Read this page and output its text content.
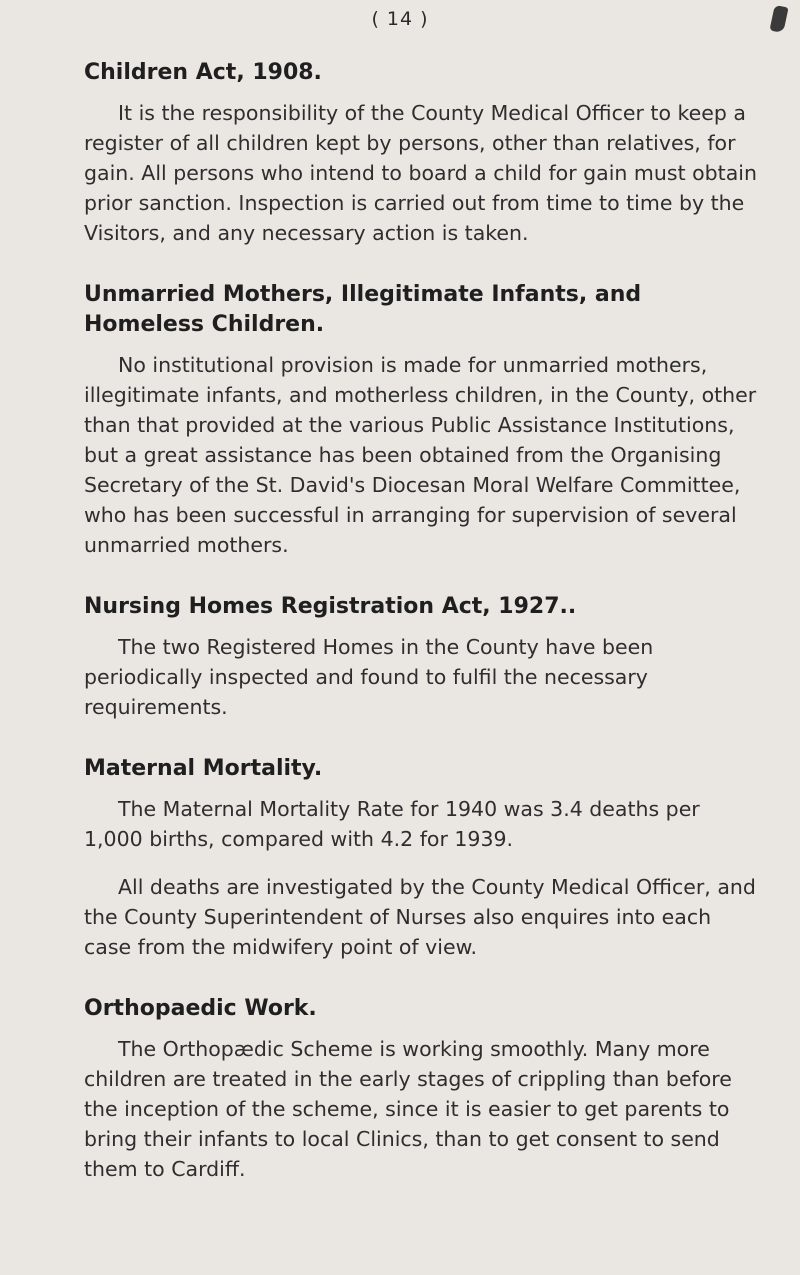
( 14 )
Children Act, 1908.

It is the responsibility of the County Medical Officer to keep a register of all children kept by persons, other than relatives, for gain. All persons who intend to board a child for gain must obtain prior sanction. Inspection is carried out from time to time by the Visitors, and any necessary action is taken.

Unmarried Mothers, Illegitimate Infants, and Homeless Children.

No institutional provision is made for unmarried mothers, illegitimate infants, and motherless children, in the County, other than that provided at the various Public Assistance Institutions, but a great assistance has been obtained from the Organising Secretary of the St. David's Diocesan Moral Welfare Committee, who has been successful in arranging for supervision of several unmarried mothers.

Nursing Homes Registration Act, 1927..

The two Registered Homes in the County have been periodically inspected and found to fulfil the necessary requirements.

Maternal Mortality.

The Maternal Mortality Rate for 1940 was 3.4 deaths per 1,000 births, compared with 4.2 for 1939.

All deaths are investigated by the County Medical Officer, and the County Superintendent of Nurses also enquires into each case from the midwifery point of view.

Orthopaedic Work.

The Orthopædic Scheme is working smoothly. Many more children are treated in the early stages of crippling than before the inception of the scheme, since it is easier to get parents to bring their infants to local Clinics, than to get consent to send them to Cardiff.
